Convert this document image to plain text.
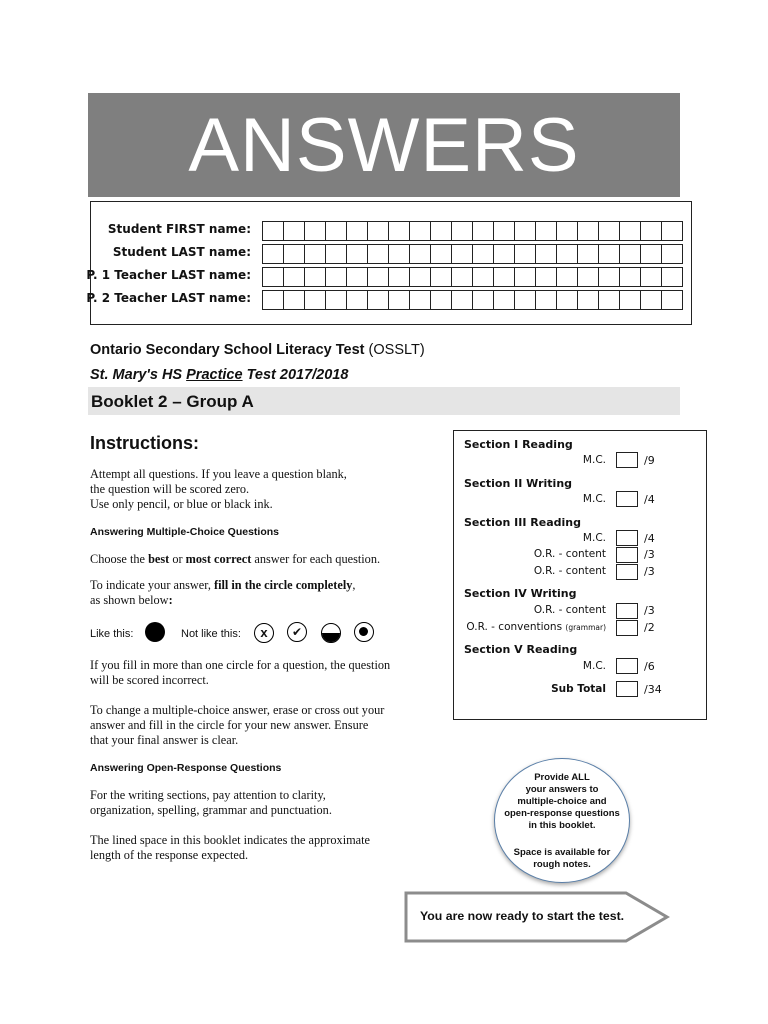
ANSWERS
Student FIRST name:
Student LAST name:
P. 1 Teacher LAST name:
P. 2 Teacher LAST name:
Ontario Secondary School Literacy Test (OSSLT)
St. Mary's HS Practice Test 2017/2018
Booklet 2 – Group A
Instructions:
Attempt all questions. If you leave a question blank,
the question will be scored zero.
Use only pencil, or blue or black ink.
Answering Multiple-Choice Questions
Choose the best or most correct answer for each question.
To indicate your answer, fill in the circle completely,
as shown below:
Like this:	Not like this:	x	✔
If you fill in more than one circle for a question, the question
will be scored incorrect.
To change a multiple-choice answer, erase or cross out your
answer and fill in the circle for your new answer. Ensure
that your final answer is clear.
Answering Open-Response Questions
For the writing sections, pay attention to clarity,
organization, spelling, grammar and punctuation.
The lined space in this booklet indicates the approximate
length of the response expected.
Section I Reading
M.C.	/9
Section II Writing
M.C.	/4
Section III Reading
M.C.	/4
O.R. - content	/3
O.R. - content	/3
Section IV Writing
O.R. - content	/3
O.R. - conventions (grammar)	/2
Section V Reading
M.C.	/6
Sub Total	/34
Provide ALL
your answers to
multiple-choice and
open-response questions
in this booklet.
Space is available for
rough notes.
You are now ready to start the test.
